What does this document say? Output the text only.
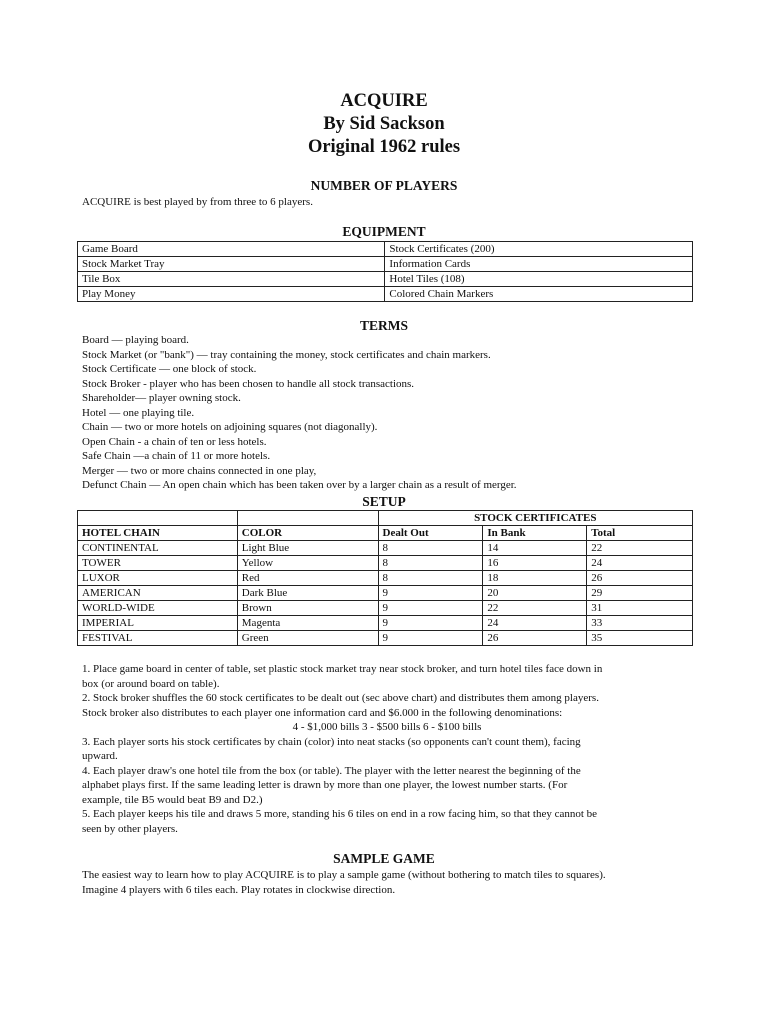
ACQUIRE
By Sid Sackson
Original 1962 rules
NUMBER OF PLAYERS
ACQUIRE is best played by from three to 6 players.
EQUIPMENT
Game Board	Stock Certificates (200)
Stock Market Tray	Information Cards
Tile Box	Hotel Tiles (108)
Play Money	Colored Chain Markers
TERMS
Board — playing board.
Stock Market (or "bank") — tray containing the money, stock certificates and chain markers.
Stock Certificate — one block of stock.
Stock Broker - player who has been chosen to handle all stock transactions.
Shareholder— player owning stock.
Hotel — one playing tile.
Chain — two or more hotels on adjoining squares (not diagonally).
Open Chain - a chain of ten or less hotels.
Safe Chain —a chain of 11 or more hotels.
Merger — two or more chains connected in one play,
Defunct Chain — An open chain which has been taken over by a larger chain as a result of merger.
SETUP
		STOCK CERTIFICATES		
HOTEL CHAIN	COLOR	Dealt Out	In Bank	Total
CONTINENTAL	Light Blue	8	14	22
TOWER	Yellow	8	16	24
LUXOR	Red	8	18	26
AMERICAN	Dark Blue	9	20	29
WORLD-WIDE	Brown	9	22	31
IMPERIAL	Magenta	9	24	33
FESTIVAL	Green	9	26	35
1. Place game board in center of table, set plastic stock market tray near stock broker, and turn hotel tiles face down in
box (or around board on table).
2. Stock broker shuffles the 60 stock certificates to be dealt out (sec above chart) and distributes them among players.
Stock broker also distributes to each player one information card and $6.000 in the following denominations:
4 - $1,000 bills 3 - $500 bills 6 - $100 bills
3. Each player sorts his stock certificates by chain (color) into neat stacks (so opponents can't count them), facing
upward.
4. Each player draw's one hotel tile from the box (or table). The player with the letter nearest the beginning of the
alphabet plays first. If the same leading letter is drawn by more than one player, the lowest number starts. (For
example, tile B5 would beat B9 and D2.)
5. Each player keeps his tile and draws 5 more, standing his 6 tiles on end in a row facing him, so that they cannot be
seen by other players.
SAMPLE GAME
The easiest way to learn how to play ACQUIRE is to play a sample game (without bothering to match tiles to squares).
Imagine 4 players with 6 tiles each. Play rotates in clockwise direction.
